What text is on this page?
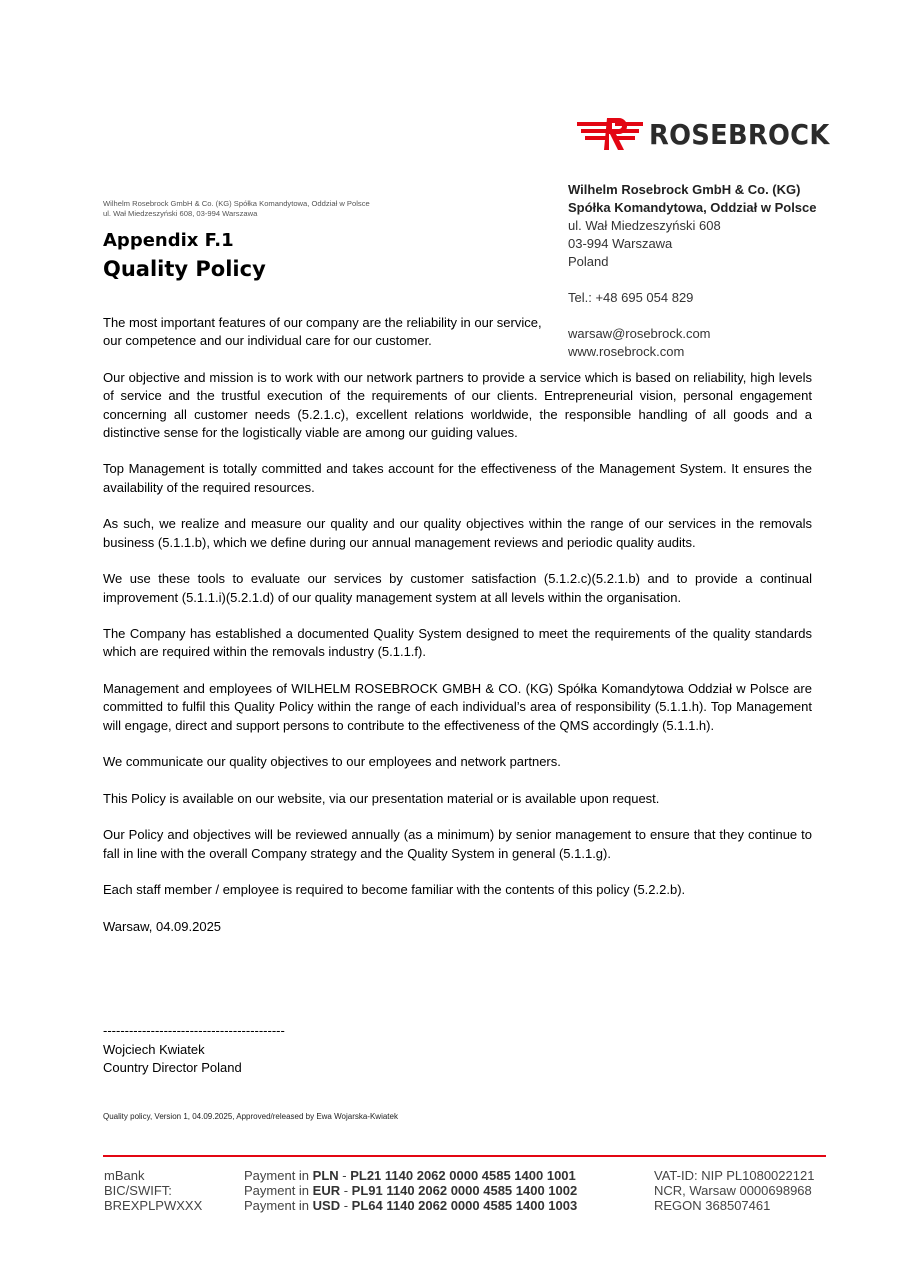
ROSEBROCK
Wilhelm Rosebrock GmbH & Co. (KG) Spółka Komandytowa, Oddział w Polsce
ul. Wał Miedzeszyński 608, 03-994 Warszawa
Wilhelm Rosebrock GmbH & Co. (KG)
Spółka Komandytowa, Oddział w Polsce
ul. Wał Miedzeszyński 608
03-994 Warszawa
Poland
Tel.: +48 695 054 829
warsaw@rosebrock.com
www.rosebrock.com
Appendix F.1
Quality Policy
The most important features of our company are the reliability in our service, our competence and our individual care for our customer.

Our objective and mission is to work with our network partners to provide a service which is based on reliability, high levels of service and the trustful execution of the requirements of our clients. Entrepreneurial vision, personal engagement concerning all customer needs (5.2.1.c), excellent relations worldwide, the responsible handling of all goods and a distinctive sense for the logistically viable are among our guiding values.

Top Management is totally committed and takes account for the effectiveness of the Management System. It ensures the availability of the required resources.

As such, we realize and measure our quality and our quality objectives within the range of our services in the removals business (5.1.1.b), which we define during our annual management reviews and periodic quality audits.

We use these tools to evaluate our services by customer satisfaction (5.1.2.c)(5.2.1.b) and to provide a continual improvement (5.1.1.i)(5.2.1.d) of our quality management system at all levels within the organisation.

The Company has established a documented Quality System designed to meet the requirements of the quality standards which are required within the removals industry (5.1.1.f).

Management and employees of WILHELM ROSEBROCK GMBH & CO. (KG) Spółka Komandytowa Oddział w Polsce are committed to fulfil this Quality Policy within the range of each individual’s area of responsibility (5.1.1.h). Top Management will engage, direct and support persons to contribute to the effectiveness of the QMS accordingly (5.1.1.h).

We communicate our quality objectives to our employees and network partners.

This Policy is available on our website, via our presentation material or is available upon request.

Our Policy and objectives will be reviewed annually (as a minimum) by senior management to ensure that they continue to fall in line with the overall Company strategy and the Quality System in general (5.1.1.g).

Each staff member / employee is required to become familiar with the contents of this policy (5.2.2.b).

Warsaw, 04.09.2025

------------------------------------------
Wojciech Kwiatek
Country Director Poland
Quality policy, Version 1, 04.09.2025, Approved/released by Ewa Wojarska-Kwiatek
mBank
BIC/SWIFT:
BREXPLPWXXX
Payment in PLN - PL21 1140 2062 0000 4585 1400 1001
Payment in EUR - PL91 1140 2062 0000 4585 1400 1002
Payment in USD - PL64 1140 2062 0000 4585 1400 1003
VAT-ID: NIP PL1080022121
NCR, Warsaw 0000698968
REGON 368507461
